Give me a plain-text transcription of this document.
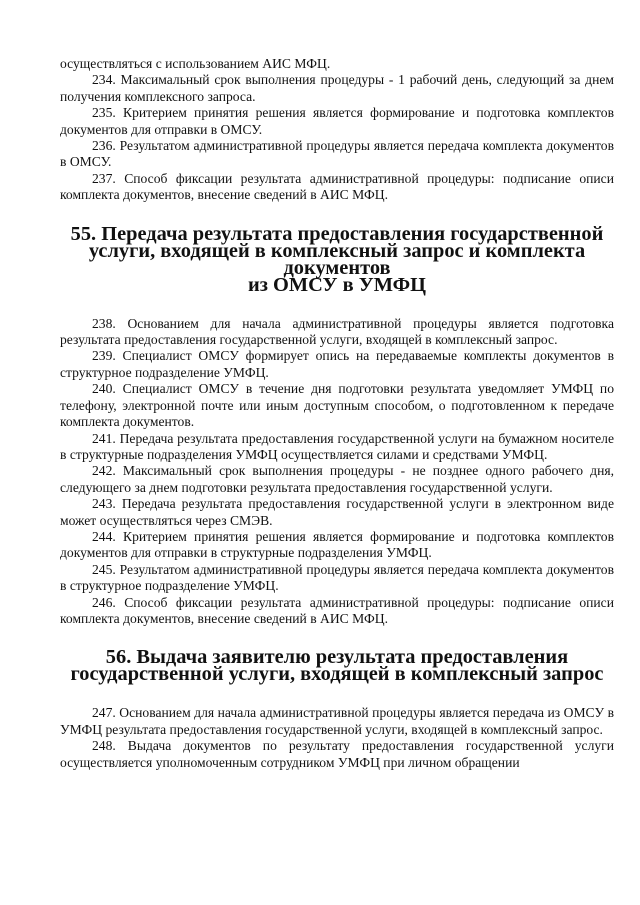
осуществляться с использованием АИС МФЦ.

234. Максимальный срок выполнения процедуры - 1 рабочий день, следующий за днем получения комплексного запроса.

235. Критерием принятия решения является формирование и подготовка комплектов документов для отправки в ОМСУ.

236. Результатом административной процедуры является передача комплекта документов в ОМСУ.

237. Способ фиксации результата административной процедуры: подписание описи комплекта документов, внесение сведений в АИС МФЦ.

55. Передача результата предоставления государственной
услуги, входящей в комплексный запрос и комплекта документов
из ОМСУ в УМФЦ

238. Основанием для начала административной процедуры является подготовка результата предоставления государственной услуги, входящей в комплексный запрос.

239. Специалист ОМСУ формирует опись на передаваемые комплекты документов в структурное подразделение УМФЦ.

240. Специалист ОМСУ в течение дня подготовки результата уведомляет УМФЦ по телефону, электронной почте или иным доступным способом, о подготовленном к передаче комплекта документов.

241. Передача результата предоставления государственной услуги на бумажном носителе в структурные подразделения УМФЦ осуществляется силами и средствами УМФЦ.

242. Максимальный срок выполнения процедуры - не позднее одного рабочего дня, следующего за днем подготовки результата предоставления государственной услуги.

243. Передача результата предоставления государственной услуги в электронном виде может осуществляться через СМЭВ.

244. Критерием принятия решения является формирование и подготовка комплектов документов для отправки в структурные подразделения УМФЦ.

245. Результатом административной процедуры является передача комплекта документов в структурное подразделение УМФЦ.

246. Способ фиксации результата административной процедуры: подписание описи комплекта документов, внесение сведений в АИС МФЦ.

56. Выдача заявителю результата предоставления
государственной услуги, входящей в комплексный запрос

247. Основанием для начала административной процедуры является передача из ОМСУ в УМФЦ результата предоставления государственной услуги, входящей в комплексный запрос.

248. Выдача документов по результату предоставления государственной услуги осуществляется уполномоченным сотрудником УМФЦ при личном обращении
